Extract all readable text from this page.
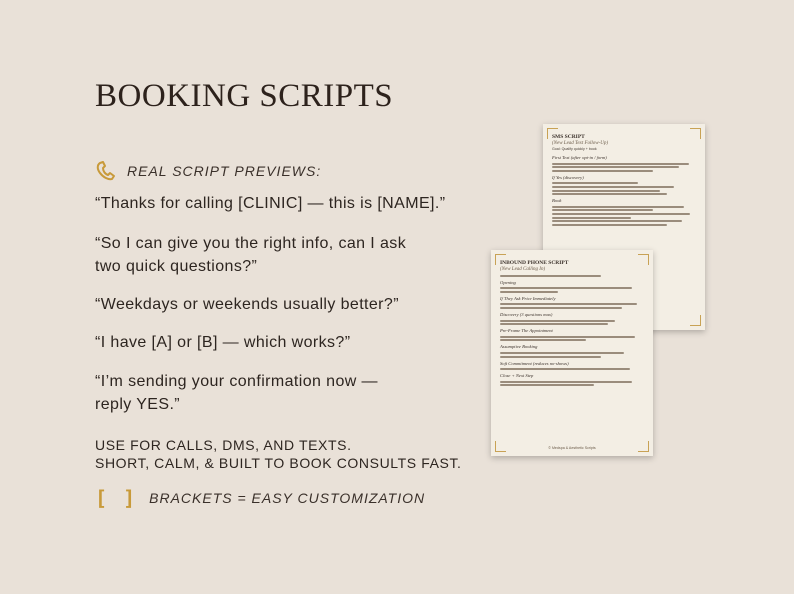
BOOKING SCRIPTS
REAL SCRIPT PREVIEWS:
“Thanks for calling [CLINIC] — this is [NAME].”
“So I can give you the right info, can I ask
two quick questions?”
“Weekdays or weekends usually better?”
“I have [A] or [B] — which works?”
“I’m sending your confirmation now —
reply YES.”
USE FOR CALLS, DMS, AND TEXTS.
SHORT, CALM, & BUILT TO BOOK CONSULTS FAST.
[ ] BRACKETS = EASY CUSTOMIZATION
SMS SCRIPT
(New Lead Text Follow-Up)
Goal: Qualify quickly + book
First Text (after opt-in / form)
If Yes (discovery)
Book
INBOUND PHONE SCRIPT
(New Lead Calling In)
Opening
If They Ask Price Immediately
Discovery (3 questions max)
Pre-Frame The Appointment
Assumptive Booking
Soft Commitment (reduces no-shows)
Close + Next Step
© Medspa & Aesthetic Scripts
